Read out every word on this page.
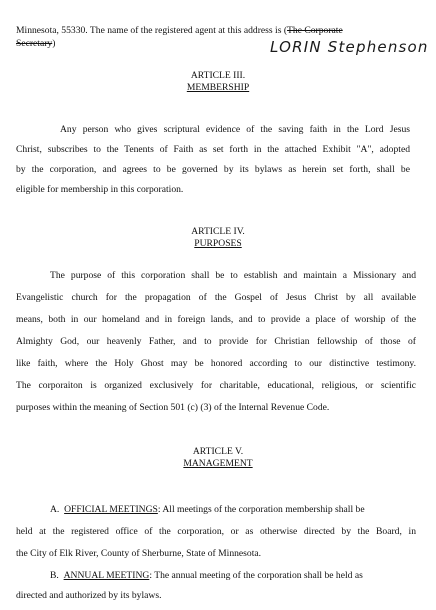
Minnesota, 55330. The name of the registered agent at this address is (The Corporate
Secretary)	LORIN Stephenson
ARTICLE III.
MEMBERSHIP
Any person who gives scriptural evidence of the saving faith in the Lord Jesus
Christ, subscribes to the Tenents of Faith as set forth in the attached Exhibit "A", adopted
by the corporation, and agrees to be governed by its bylaws as herein set forth, shall be
eligible for membership in this corporation.
ARTICLE IV.
PURPOSES
The purpose of this corporation shall be to establish and maintain a Missionary and
Evangelistic church for the propagation of the Gospel of Jesus Christ by all available
means, both in our homeland and in foreign lands, and to provide a place of worship of the
Almighty God, our heavenly Father, and to provide for Christian fellowship of those of
like faith, where the Holy Ghost may be honored according to our distinctive testimony.
The corporaiton is organized exclusively for charitable, educational, religious, or scientific
purposes within the meaning of Section 501 (c) (3) of the Internal Revenue Code.
ARTICLE V.
MANAGEMENT
A. OFFICIAL MEETINGS: All meetings of the corporation membership shall be
held at the registered office of the corporation, or as otherwise directed by the Board, in
the City of Elk River, County of Sherburne, State of Minnesota.
B. ANNUAL MEETING: The annual meeting of the corporation shall be held as
directed and authorized by its bylaws.
